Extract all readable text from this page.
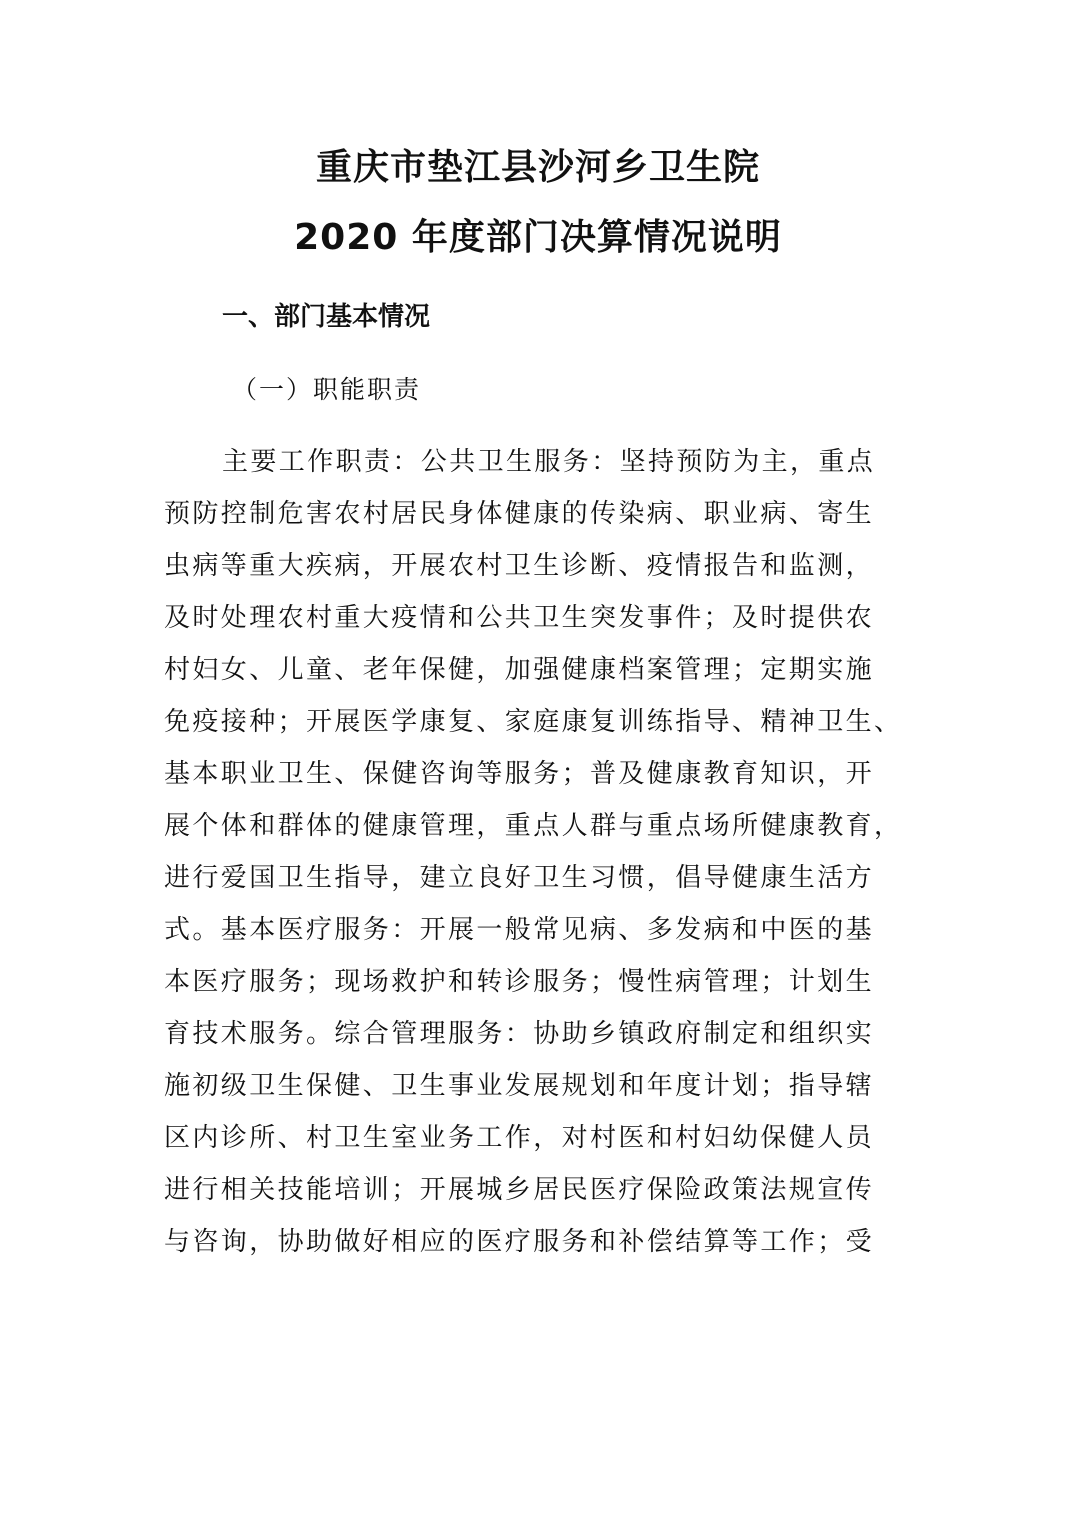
重庆市垫江县沙河乡卫生院
2020 年度部门决算情况说明
一、部门基本情况
（一）职能职责
主要工作职责：公共卫生服务：坚持预防为主，重点
预防控制危害农村居民身体健康的传染病、职业病、寄生
虫病等重大疾病，开展农村卫生诊断、疫情报告和监测，
及时处理农村重大疫情和公共卫生突发事件；及时提供农
村妇女、儿童、老年保健，加强健康档案管理；定期实施
免疫接种；开展医学康复、家庭康复训练指导、精神卫生、
基本职业卫生、保健咨询等服务；普及健康教育知识，开
展个体和群体的健康管理，重点人群与重点场所健康教育，
进行爱国卫生指导，建立良好卫生习惯，倡导健康生活方
式。基本医疗服务：开展一般常见病、多发病和中医的基
本医疗服务；现场救护和转诊服务；慢性病管理；计划生
育技术服务。综合管理服务：协助乡镇政府制定和组织实
施初级卫生保健、卫生事业发展规划和年度计划；指导辖
区内诊所、村卫生室业务工作，对村医和村妇幼保健人员
进行相关技能培训；开展城乡居民医疗保险政策法规宣传
与咨询，协助做好相应的医疗服务和补偿结算等工作；受
